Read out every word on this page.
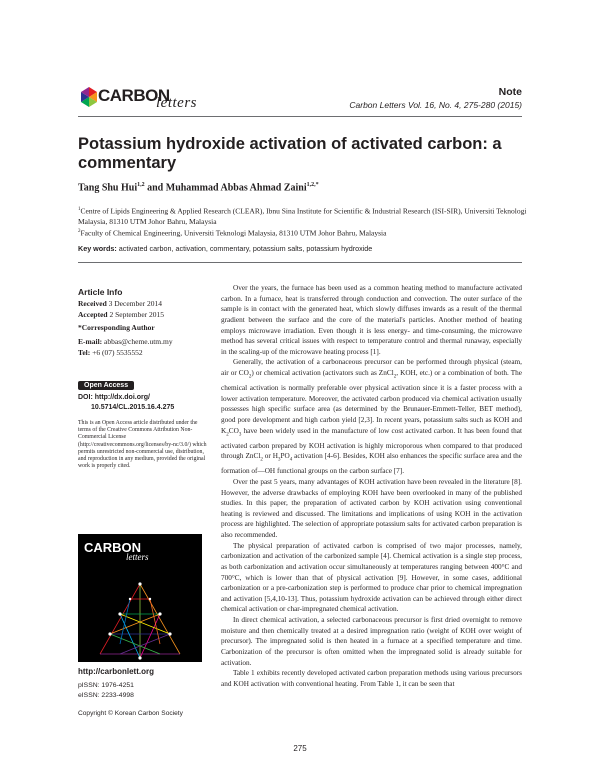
CARBON
letters
Note
Carbon Letters Vol. 16, No. 4, 275-280 (2015)
Potassium hydroxide activation of activated carbon: a commentary
Tang Shu Hui$^{1,2}$ and Muhammad Abbas Ahmad Zaini$^{1,2,*}$
$^1$Centre of Lipids Engineering & Applied Research (CLEAR), Ibnu Sina Institute for Scientific & Industrial Research (ISI-SIR), Universiti Teknologi Malaysia, 81310 UTM Johor Bahru, Malaysia
$^2$Faculty of Chemical Engineering, Universiti Teknologi Malaysia, 81310 UTM Johor Bahru, Malaysia
Key words: activated carbon, activation, commentary, potassium salts, potassium hydroxide
Article Info
Received 3 December 2014
Accepted 2 September 2015
*Corresponding Author
E-mail: abbas@cheme.utm.my
Tel: +6 (07) 5535552
Open Access
DOI: http://dx.doi.org/
10.5714/CL.2015.16.4.275
This is an Open Access article distributed under the terms of the Creative Commons Attribution Non-Commercial License (http://creativecommons.org/licenses/by-nc/3.0/) which permits unrestricted non-commercial use, distribution, and reproduction in any medium, provided the original work is properly cited.
CARBON
letters
http://carbonlett.org
pISSN: 1976-4251
eISSN: 2233-4998
Copyright © Korean Carbon Society

Over the years, the furnace has been used as a common heating method to manufacture activated carbon. In a furnace, heat is transferred through conduction and convection. The outer surface of the sample is in contact with the generated heat, which slowly diffuses inwards as a result of the thermal gradient between the surface and the core of the material's particles. Another method of heating employs microwave irradiation. Even though it is less energy- and time-consuming, the microwave method has several critical issues with respect to temperature control and thermal runaway, especially in the scaling-up of the microwave heating process [1].

Generally, the activation of a carbonaceous precursor can be performed through physical (steam, air or $CO_2$) or chemical activation (activators such as ZnCl$_2$, KOH, etc.) or a combination of both. The chemical activation is normally preferable over physical activation since it is a faster process with a lower activation temperature. Moreover, the activated carbon produced via chemical activation usually possesses high specific surface area (as determined by the Brunauer-Emmett-Teller, BET method), good pore development and high carbon yield [2,3]. In recent years, potassium salts such as KOH and $K_2CO_3$ have been widely used in the manufacture of low cost activated carbon. It has been found that activated carbon prepared by KOH activation is highly microporous when compared to that produced through ZnCl$_2$ or $H_3PO_4$ activation [4-6]. Besides, KOH also enhances the specific surface area and the formation of—OH functional groups on the carbon surface [7].

Over the past 5 years, many advantages of KOH activation have been revealed in the literature [8]. However, the adverse drawbacks of employing KOH have been overlooked in many of the published studies. In this paper, the preparation of activated carbon by KOH activation using conventional heating is reviewed and discussed. The limitations and implications of using KOH in the activation process are highlighted. The selection of appropriate potassium salts for activated carbon preparation is also recommended.

The physical preparation of activated carbon is comprised of two major processes, namely, carbonization and activation of the carbonized sample [4]. Chemical activation is a single step process, as both carbonization and activation occur simultaneously at temperatures ranging between 400°C and 700°C, which is lower than that of physical activation [9]. However, in some cases, additional carbonization or a pre-carbonization step is performed to produce char prior to chemical impregnation and activation [5,4,10-13]. Thus, potassium hydroxide activation can be achieved through either direct chemical activation or char-impregnated chemical activation.

In direct chemical activation, a selected carbonaceous precursor is first dried overnight to remove moisture and then chemically treated at a desired impregnation ratio (weight of KOH over weight of precursor). The impregnated solid is then heated in a furnace at a specified temperature and time. Carbonization of the precursor is often omitted when the impregnated solid is already suitable for activation.

Table 1 exhibits recently developed activated carbon preparation methods using various precursors and KOH activation with conventional heating. From Table 1, it can be seen that

275
